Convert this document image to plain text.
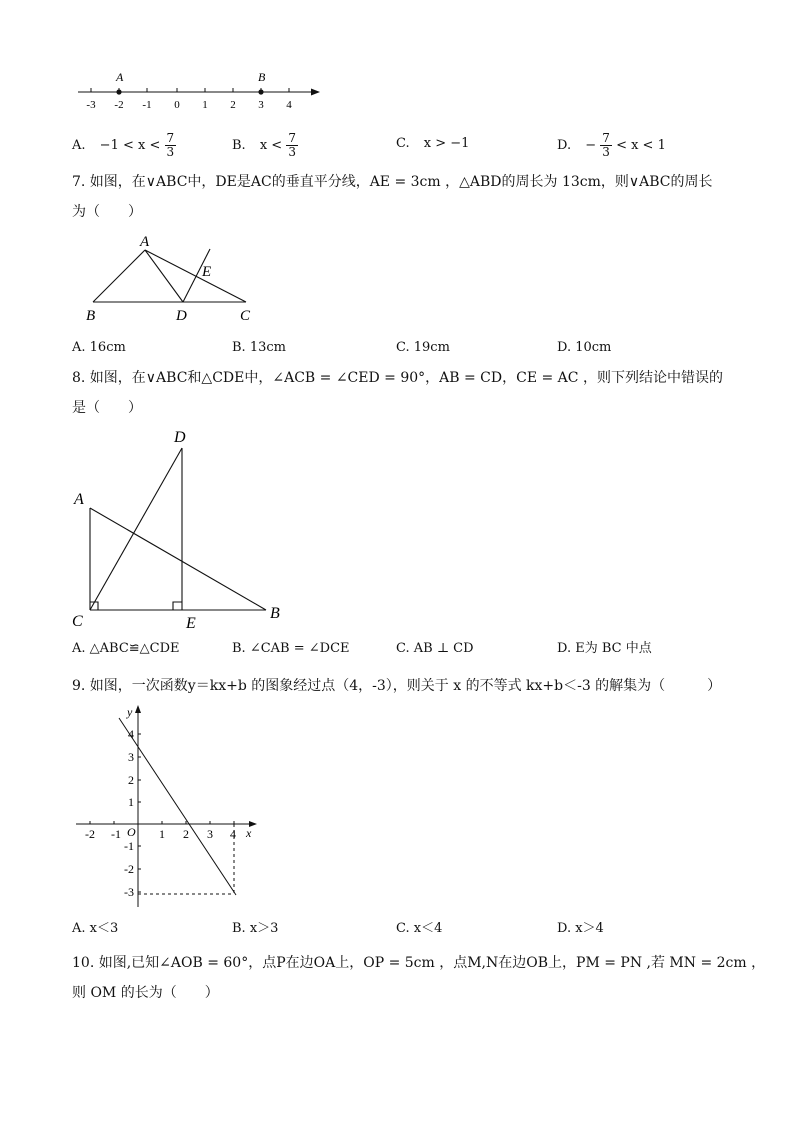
A	B
-3 -2 -1 0 1 2 3 4
A. $-1 < x < \frac{7}{3}$	B. $x < \frac{7}{3}$	C. x > −1	D. − $\frac{7}{3} < x < 1$
7. 如图，在∨ABC中，DE是AC的垂直平分线，AE = 3cm ，△ABD的周长为 13cm，则∨ABC的周长
为（　　）
A
B	C
D
E
A. 16cm	B. 13cm	C. 19cm	D. 10cm
8. 如图，在∨ABC和△CDE中，∠ACB = ∠CED = 90°，AB = CD，CE = AC ，则下列结论中错误的
是（　　）
A
B
C
D
E
A. △ABC≌△CDE	B. ∠CAB = ∠DCE	C. AB ⊥ CD	D. E为 BC 中点
9. 如图，一次函数y＝kx+b 的图象经过点（4，-3），则关于 x 的不等式 kx+b＜-3 的解集为（　　　）
-2 -1	1 2 3 4
4
3
2
1
-1
-2
-3
O	x
y
A. x＜3	B. x＞3	C. x＜4	D. x＞4
10. 如图,已知∠AOB = 60°，点P在边OA上，OP = 5cm ，点M,N在边OB上，PM = PN ,若 MN = 2cm ，
则 OM 的长为（　　）
